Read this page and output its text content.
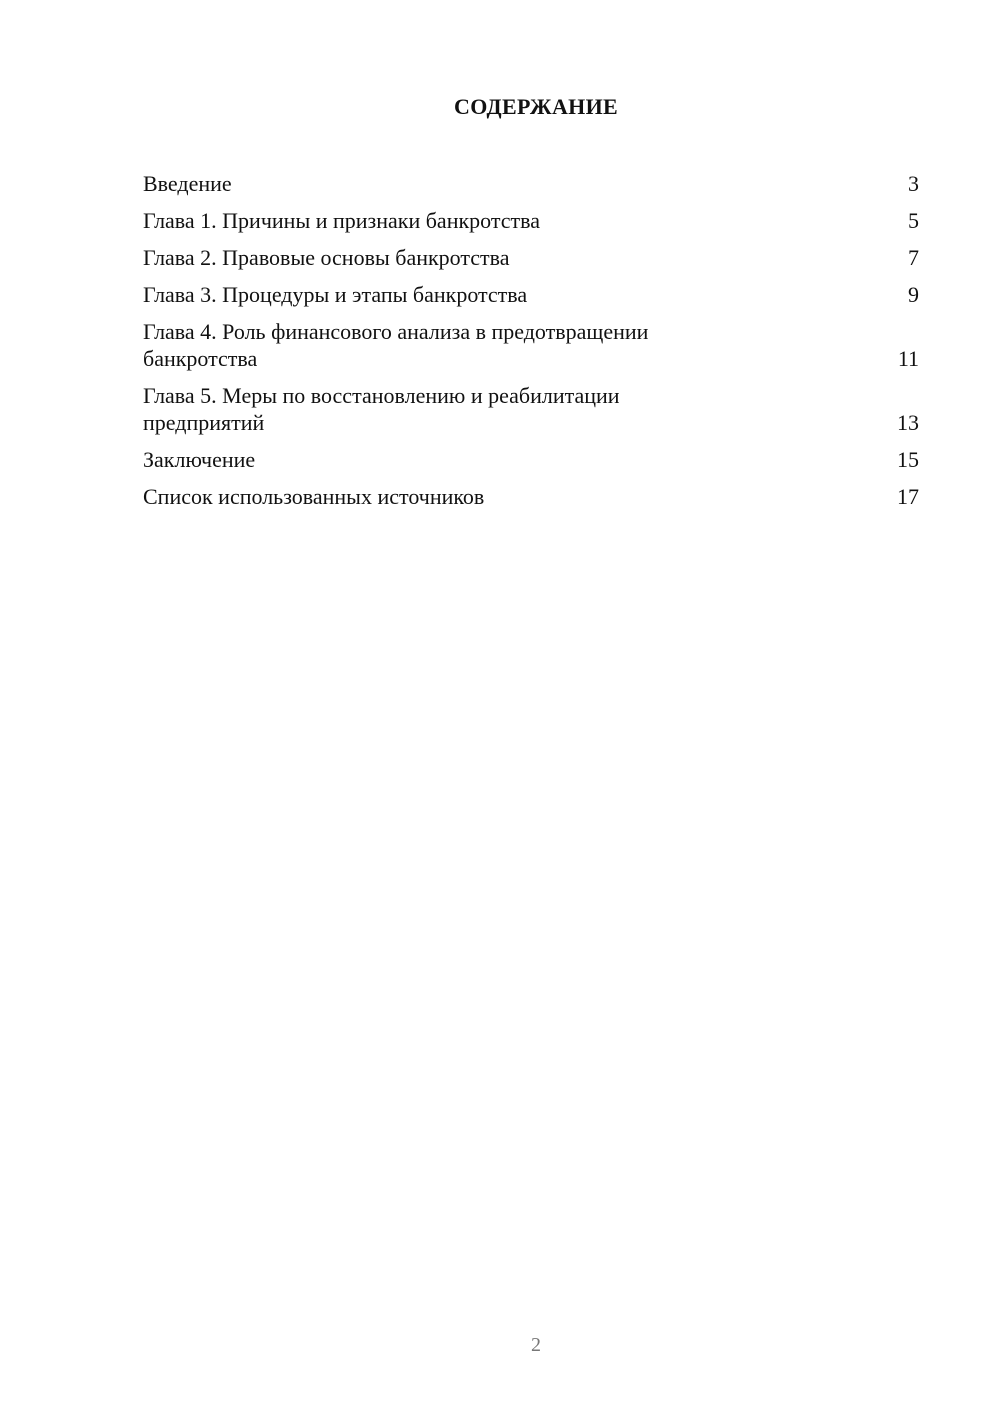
СОДЕРЖАНИЕ
Введение	3
Глава 1. Причины и признаки банкротства	5
Глава 2. Правовые основы банкротства	7
Глава 3. Процедуры и этапы банкротства	9
Глава 4. Роль финансового анализа в предотвращении
банкротства	11
Глава 5. Меры по восстановлению и реабилитации
предприятий	13
Заключение	15
Список использованных источников	17
2
